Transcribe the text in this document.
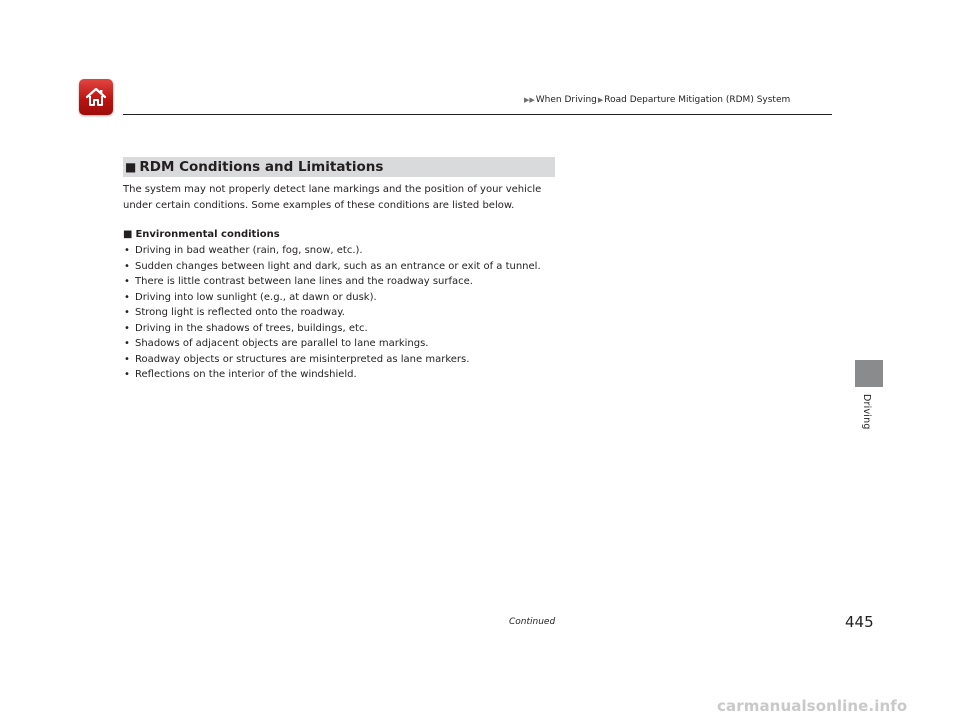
▶▶ When Driving ▶ Road Departure Mitigation (RDM) System
■ RDM Conditions and Limitations
The system may not properly detect lane markings and the position of your vehicle
under certain conditions. Some examples of these conditions are listed below.
■ Environmental conditions
• Driving in bad weather (rain, fog, snow, etc.).
• Sudden changes between light and dark, such as an entrance or exit of a tunnel.
• There is little contrast between lane lines and the roadway surface.
• Driving into low sunlight (e.g., at dawn or dusk).
• Strong light is reflected onto the roadway.
• Driving in the shadows of trees, buildings, etc.
• Shadows of adjacent objects are parallel to lane markings.
• Roadway objects or structures are misinterpreted as lane markers.
• Reflections on the interior of the windshield.
Driving
Continued	445
carmanualsonline.info
